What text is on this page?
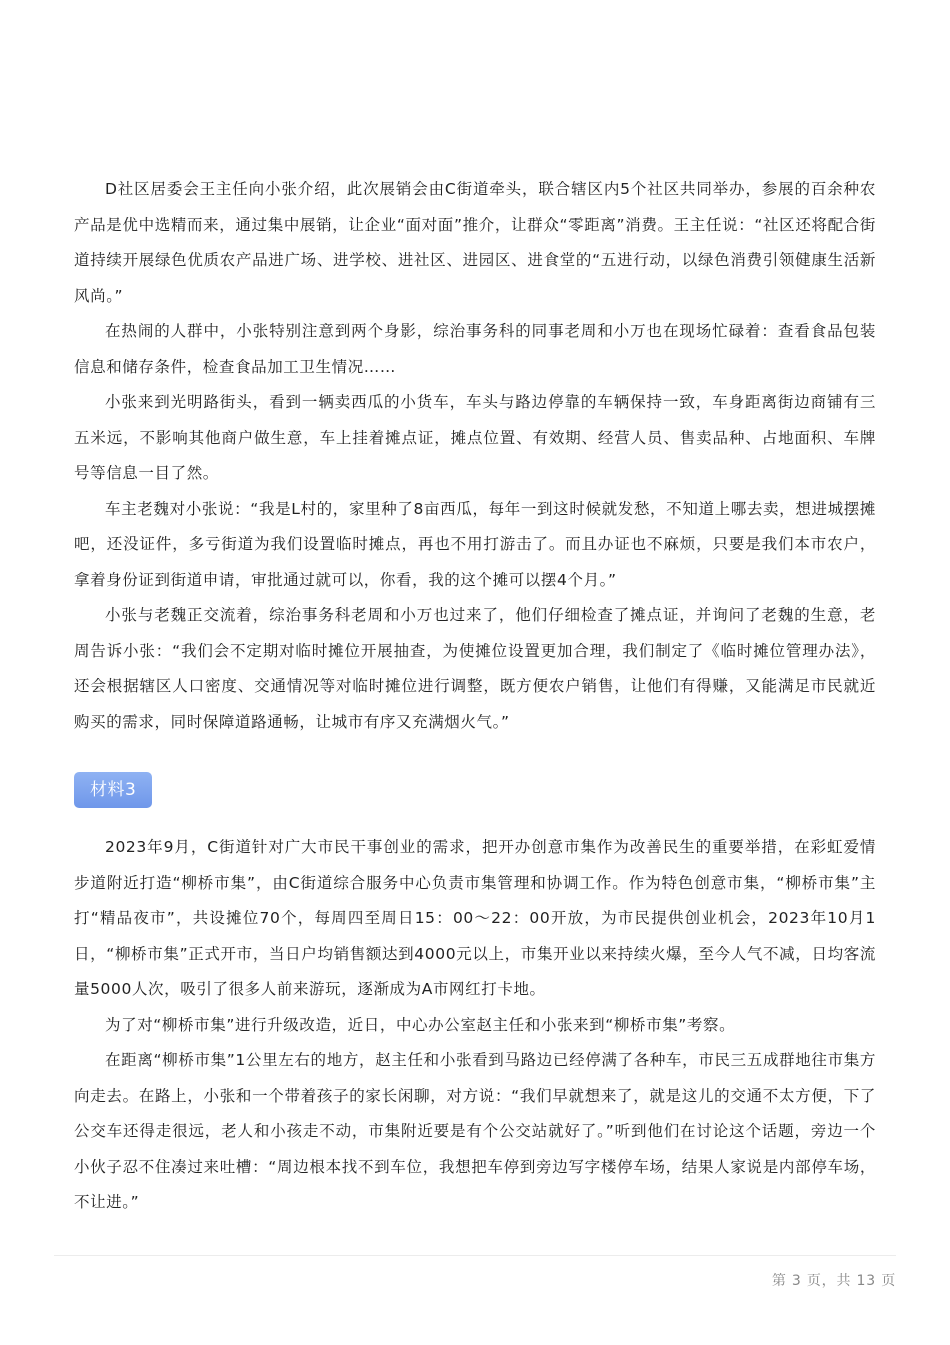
D社区居委会王主任向小张介绍，此次展销会由C街道牵头，联合辖区内5个社区共同举办，参展的百余种农产品是优中选精而来，通过集中展销，让企业“面对面”推介，让群众“零距离”消费。王主任说：“社区还将配合街道持续开展绿色优质农产品进广场、进学校、进社区、进园区、进食堂的“五进行动，以绿色消费引领健康生活新风尚。”

在热闹的人群中，小张特别注意到两个身影，综治事务科的同事老周和小万也在现场忙碌着：查看食品包装信息和储存条件，检查食品加工卫生情况……

小张来到光明路街头，看到一辆卖西瓜的小货车，车头与路边停靠的车辆保持一致，车身距离街边商铺有三五米远，不影响其他商户做生意，车上挂着摊点证，摊点位置、有效期、经营人员、售卖品种、占地面积、车牌号等信息一目了然。

车主老魏对小张说：“我是L村的，家里种了8亩西瓜，每年一到这时候就发愁，不知道上哪去卖，想进城摆摊吧，还没证件，多亏街道为我们设置临时摊点，再也不用打游击了。而且办证也不麻烦，只要是我们本市农户，拿着身份证到街道申请，审批通过就可以，你看，我的这个摊可以摆4个月。”

小张与老魏正交流着，综治事务科老周和小万也过来了，他们仔细检查了摊点证，并询问了老魏的生意，老周告诉小张：“我们会不定期对临时摊位开展抽查，为使摊位设置更加合理，我们制定了《临时摊位管理办法》，还会根据辖区人口密度、交通情况等对临时摊位进行调整，既方便农户销售，让他们有得赚，又能满足市民就近购买的需求，同时保障道路通畅，让城市有序又充满烟火气。”

材料3

2023年9月，C街道针对广大市民干事创业的需求，把开办创意市集作为改善民生的重要举措，在彩虹爱情步道附近打造“柳桥市集”，由C街道综合服务中心负责市集管理和协调工作。作为特色创意市集，“柳桥市集”主打“精品夜市”，共设摊位70个，每周四至周日15：00～22：00开放，为市民提供创业机会，2023年10月1日，“柳桥市集”正式开市，当日户均销售额达到4000元以上，市集开业以来持续火爆，至今人气不减，日均客流量5000人次，吸引了很多人前来游玩，逐渐成为A市网红打卡地。

为了对“柳桥市集”进行升级改造，近日，中心办公室赵主任和小张来到“柳桥市集”考察。

在距离“柳桥市集”1公里左右的地方，赵主任和小张看到马路边已经停满了各种车，市民三五成群地往市集方向走去。在路上，小张和一个带着孩子的家长闲聊，对方说：“我们早就想来了，就是这儿的交通不太方便，下了公交车还得走很远，老人和小孩走不动，市集附近要是有个公交站就好了。”听到他们在讨论这个话题，旁边一个小伙子忍不住凑过来吐槽：“周边根本找不到车位，我想把车停到旁边写字楼停车场，结果人家说是内部停车场，不让进。”

第 3 页，共 13 页
